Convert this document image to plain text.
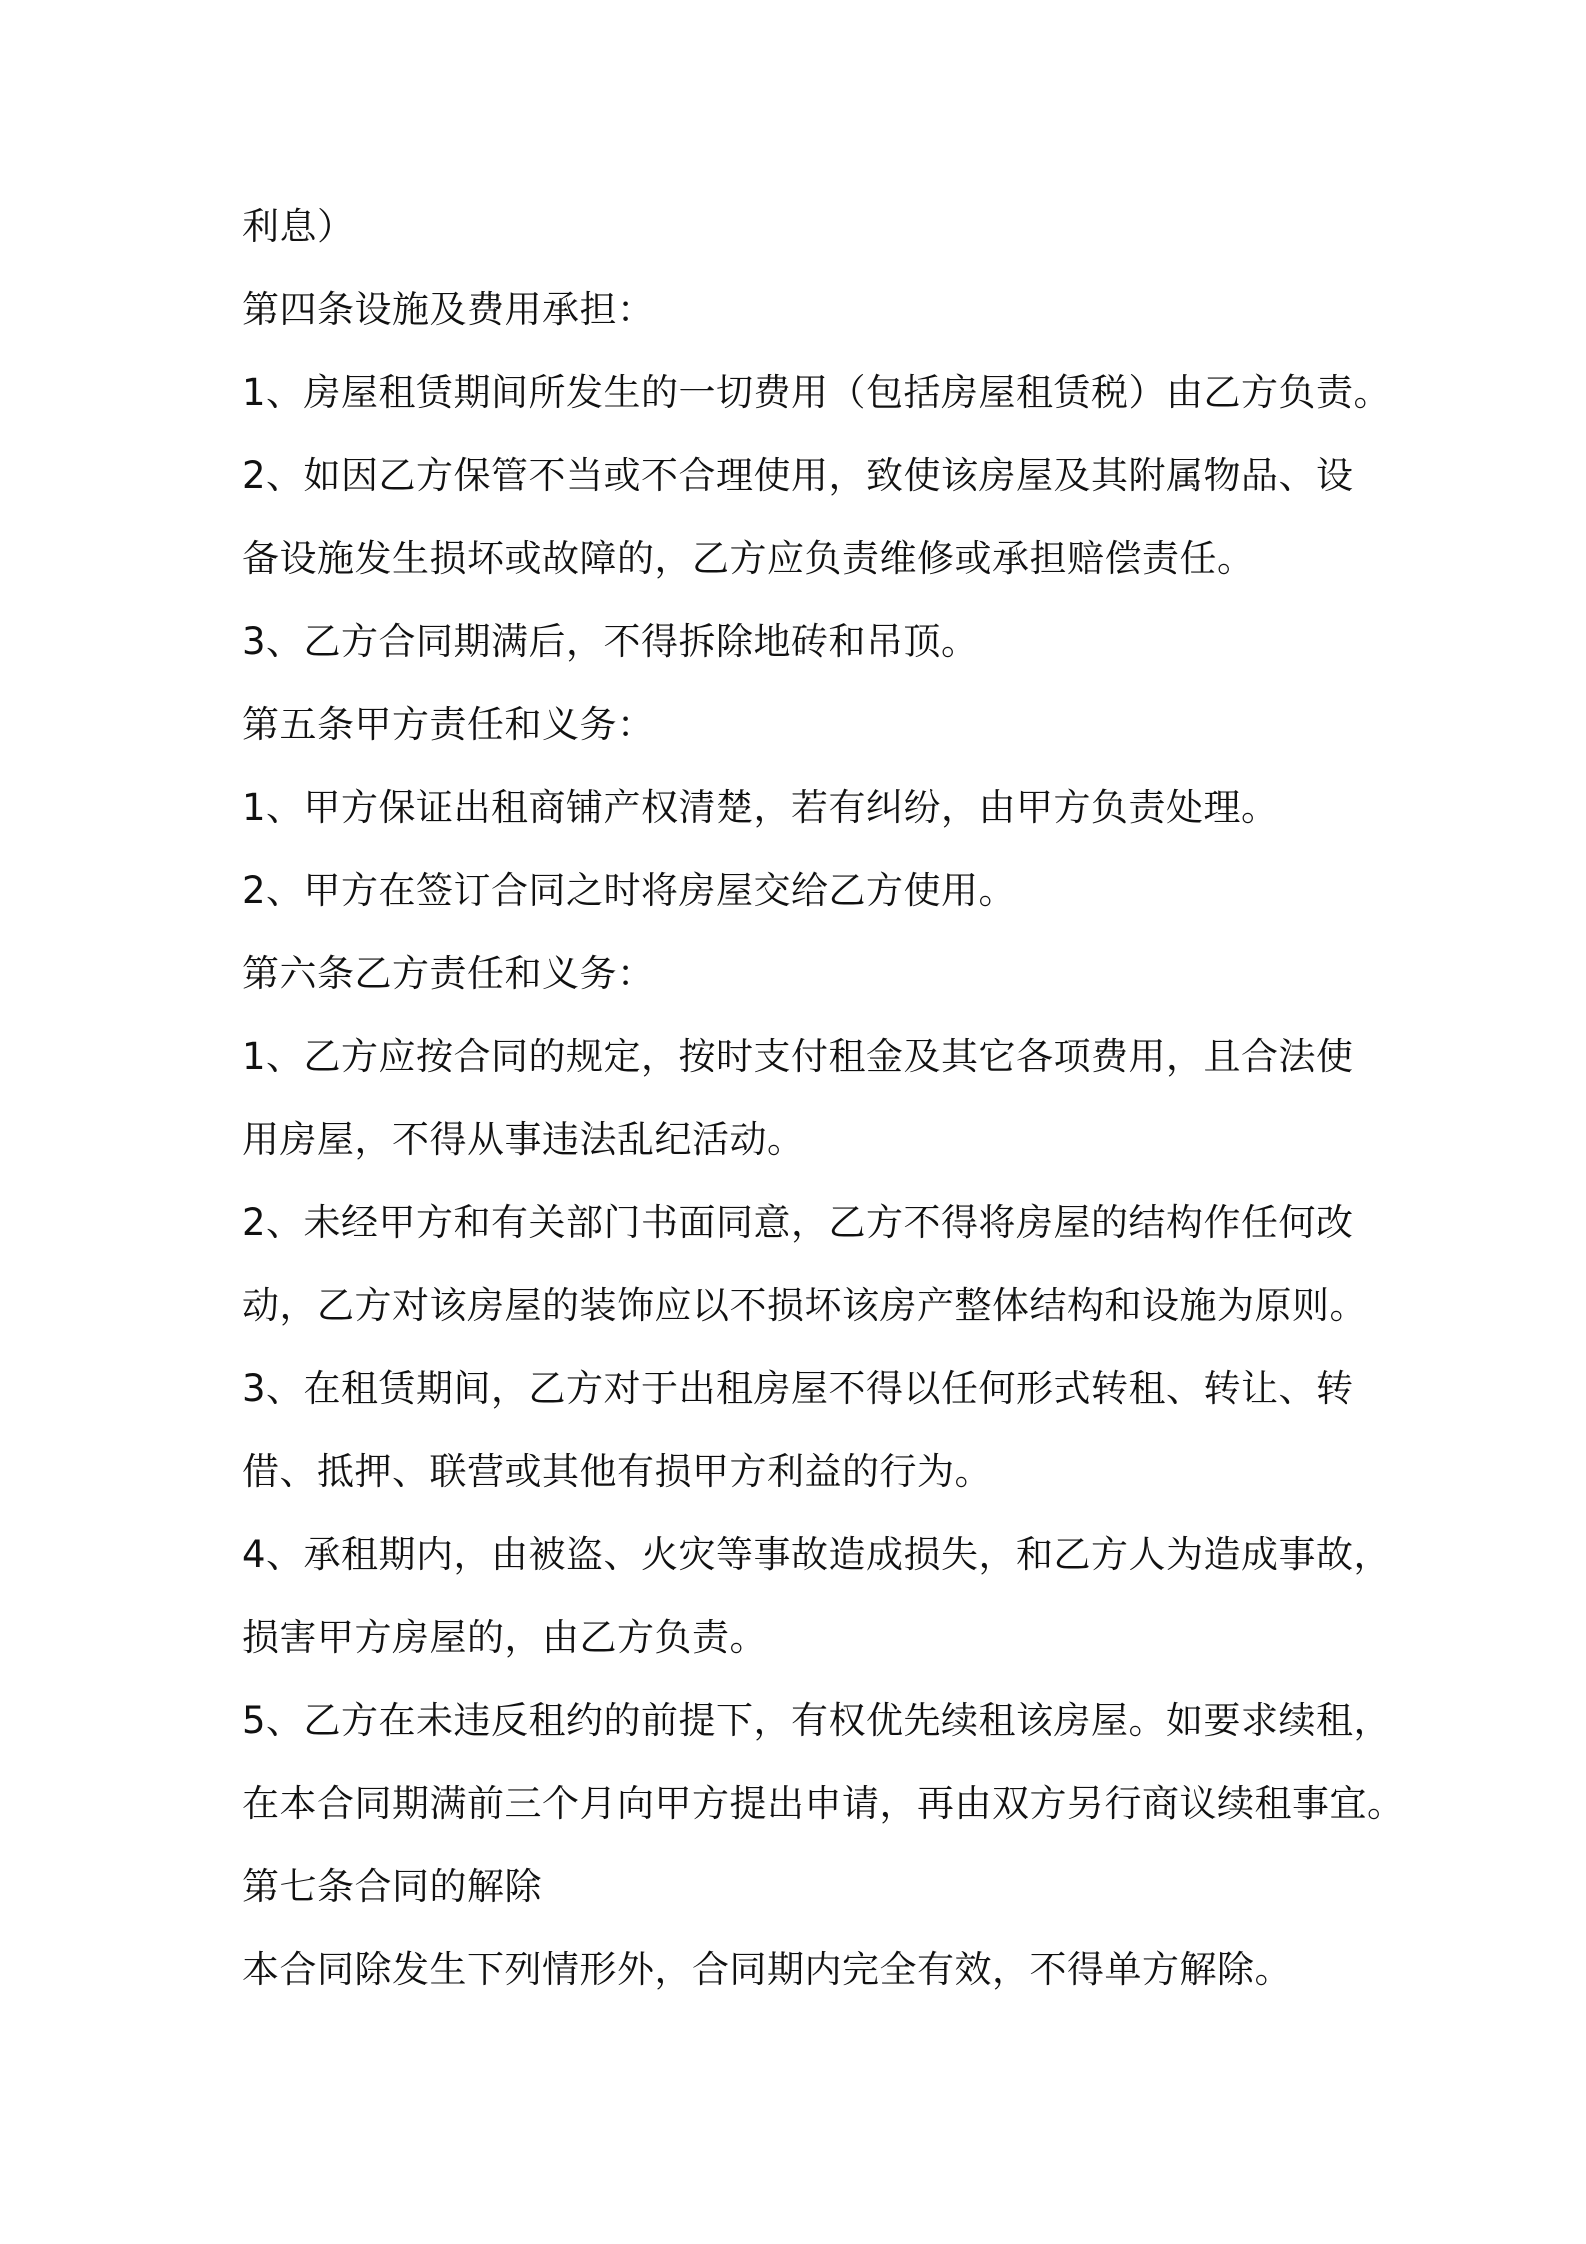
利息）
第四条设施及费用承担：
1、房屋租赁期间所发生的一切费用（包括房屋租赁税）由乙方负责。
2、如因乙方保管不当或不合理使用，致使该房屋及其附属物品、设
备设施发生损坏或故障的，乙方应负责维修或承担赔偿责任。
3、乙方合同期满后，不得拆除地砖和吊顶。
第五条甲方责任和义务：
1、甲方保证出租商铺产权清楚，若有纠纷，由甲方负责处理。
2、甲方在签订合同之时将房屋交给乙方使用。
第六条乙方责任和义务：
1、乙方应按合同的规定，按时支付租金及其它各项费用，且合法使
用房屋，不得从事违法乱纪活动。
2、未经甲方和有关部门书面同意，乙方不得将房屋的结构作任何改
动，乙方对该房屋的装饰应以不损坏该房产整体结构和设施为原则。
3、在租赁期间，乙方对于出租房屋不得以任何形式转租、转让、转
借、抵押、联营或其他有损甲方利益的行为。
4、承租期内，由被盗、火灾等事故造成损失，和乙方人为造成事故，
损害甲方房屋的，由乙方负责。
5、乙方在未违反租约的前提下，有权优先续租该房屋。如要求续租，
在本合同期满前三个月向甲方提出申请，再由双方另行商议续租事宜。
第七条合同的解除
本合同除发生下列情形外，合同期内完全有效，不得单方解除。
